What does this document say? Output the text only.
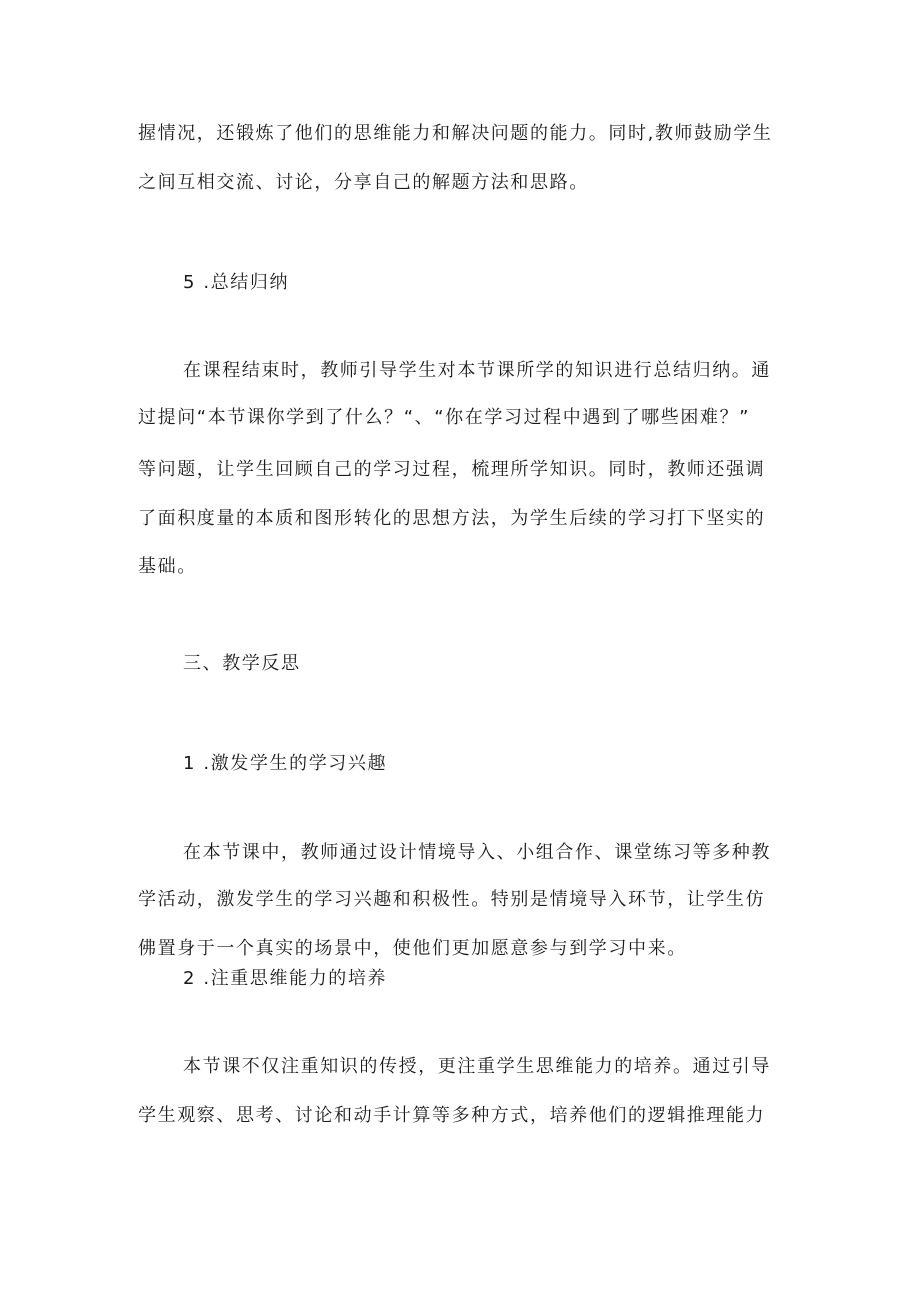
握情况，还锻炼了他们的思维能力和解决问题的能力。同时,教师鼓励学生
之间互相交流、讨论，分享自己的解题方法和思路。
5 .总结归纳
在课程结束时，教师引导学生对本节课所学的知识进行总结归纳。通
过提问“本节课你学到了什么？“、“你在学习过程中遇到了哪些困难？”
等问题，让学生回顾自己的学习过程，梳理所学知识。同时，教师还强调
了面积度量的本质和图形转化的思想方法，为学生后续的学习打下坚实的
基础。
三、教学反思
1 .激发学生的学习兴趣
在本节课中，教师通过设计情境导入、小组合作、课堂练习等多种教
学活动，激发学生的学习兴趣和积极性。特别是情境导入环节，让学生仿
佛置身于一个真实的场景中，使他们更加愿意参与到学习中来。
2 .注重思维能力的培养
本节课不仅注重知识的传授，更注重学生思维能力的培养。通过引导
学生观察、思考、讨论和动手计算等多种方式，培养他们的逻辑推理能力
